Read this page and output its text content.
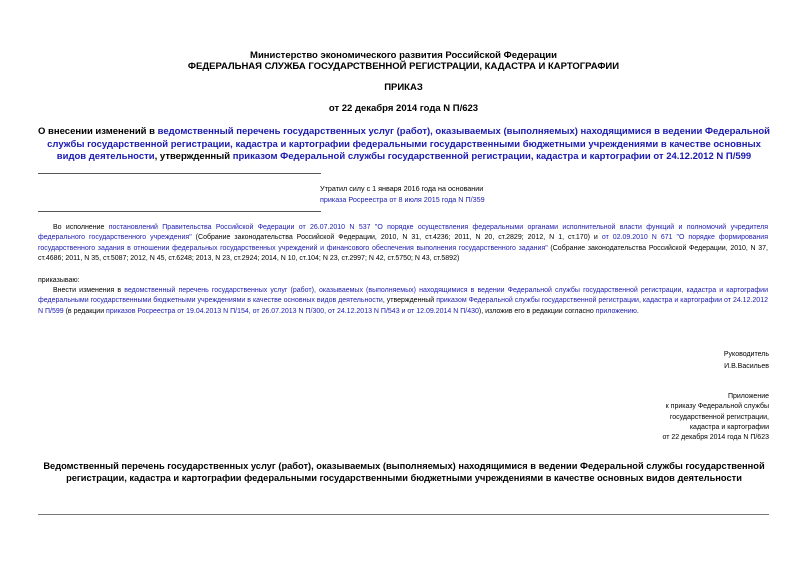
Министерство экономического развития Российской Федерации
ФЕДЕРАЛЬНАЯ СЛУЖБА ГОСУДАРСТВЕННОЙ РЕГИСТРАЦИИ, КАДАСТРА И КАРТОГРАФИИ
ПРИКАЗ
от 22 декабря 2014 года N П/623
О внесении изменений в ведомственный перечень государственных услуг (работ), оказываемых (выполняемых) находящимися в ведении Федеральной службы государственной регистрации, кадастра и картографии федеральными государственными бюджетными учреждениями в качестве основных видов деятельности, утвержденный приказом Федеральной службы государственной регистрации, кадастра и картографии от 24.12.2012 N П/599
Утратил силу с 1 января 2016 года на основании
приказа Росреестра от 8 июля 2015 года N П/359
Во исполнение постановлений Правительства Российской Федерации от 26.07.2010 N 537 "О порядке осуществления федеральными органами исполнительной власти функций и полномочий учредителя федерального государственного учреждения" (Собрание законодательства Российской Федерации, 2010, N 31, ст.4236; 2011, N 20, ст.2829; 2012, N 1, ст.170) и от 02.09.2010 N 671 "О порядке формирования государственного задания в отношении федеральных государственных учреждений и финансового обеспечения выполнения государственного задания" (Собрание законодательства Российской Федерации, 2010, N 37, ст.4686; 2011, N 35, ст.5087; 2012, N 45, ст.6248; 2013, N 23, ст.2924; 2014, N 10, ст.104; N 23, ст.2997; N 42, ст.5750; N 43, ст.5892)
приказываю:
Внести изменения в ведомственный перечень государственных услуг (работ), оказываемых (выполняемых) находящимися в ведении Федеральной службы государственной регистрации, кадастра и картографии федеральными государственными бюджетными учреждениями в качестве основных видов деятельности, утвержденный приказом Федеральной службы государственной регистрации, кадастра и картографии от 24.12.2012 N П/599 (в редакции приказов Росреестра от 19.04.2013 N П/154, от 26.07.2013 N П/300, от 24.12.2013 N П/543 и от 12.09.2014 N П/430), изложив его в редакции согласно приложению.
Руководитель
И.В.Васильев
Приложение
к приказу Федеральной службы
государственной регистрации,
кадастра и картографии
от 22 декабря 2014 года N П/623
Ведомственный перечень государственных услуг (работ), оказываемых (выполняемых) находящимися в ведении Федеральной службы государственной регистрации, кадастра и картографии федеральными государственными бюджетными учреждениями в качестве основных видов деятельности
